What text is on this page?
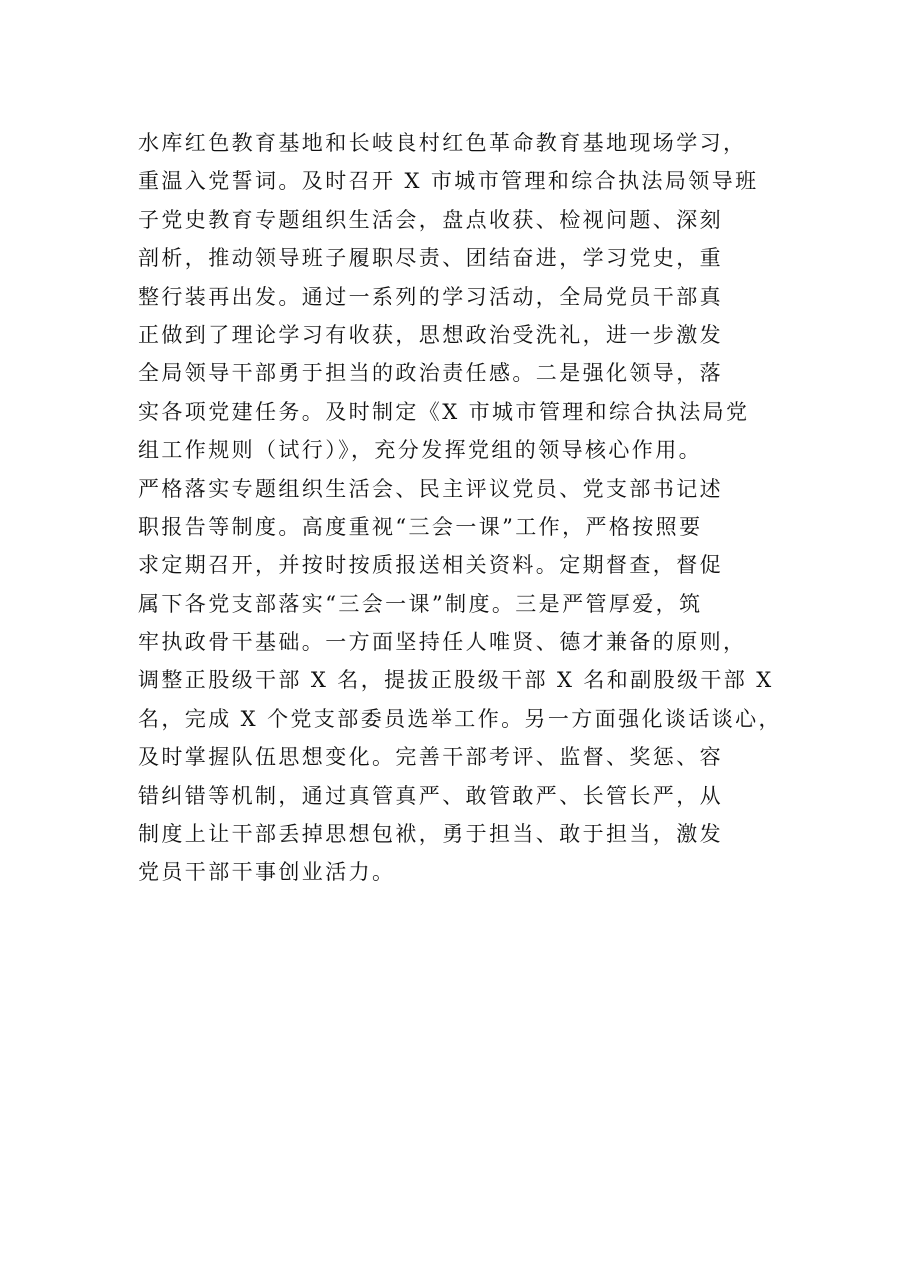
水库红色教育基地和长岐良村红色革命教育基地现场学习，
重温入党誓词。及时召开 X 市城市管理和综合执法局领导班
子党史教育专题组织生活会，盘点收获、检视问题、深刻
剖析，推动领导班子履职尽责、团结奋进，学习党史，重
整行装再出发。通过一系列的学习活动，全局党员干部真
正做到了理论学习有收获，思想政治受洗礼，进一步激发
全局领导干部勇于担当的政治责任感。二是强化领导，落
实各项党建任务。及时制定《X 市城市管理和综合执法局党
组工作规则（试行）》，充分发挥党组的领导核心作用。
严格落实专题组织生活会、民主评议党员、党支部书记述
职报告等制度。高度重视“三会一课”工作，严格按照要
求定期召开，并按时按质报送相关资料。定期督查，督促
属下各党支部落实“三会一课”制度。三是严管厚爱，筑
牢执政骨干基础。一方面坚持任人唯贤、德才兼备的原则，
调整正股级干部 X 名，提拔正股级干部 X 名和副股级干部 X
名，完成 X 个党支部委员选举工作。另一方面强化谈话谈心，
及时掌握队伍思想变化。完善干部考评、监督、奖惩、容
错纠错等机制，通过真管真严、敢管敢严、长管长严，从
制度上让干部丢掉思想包袱，勇于担当、敢于担当，激发
党员干部干事创业活力。
